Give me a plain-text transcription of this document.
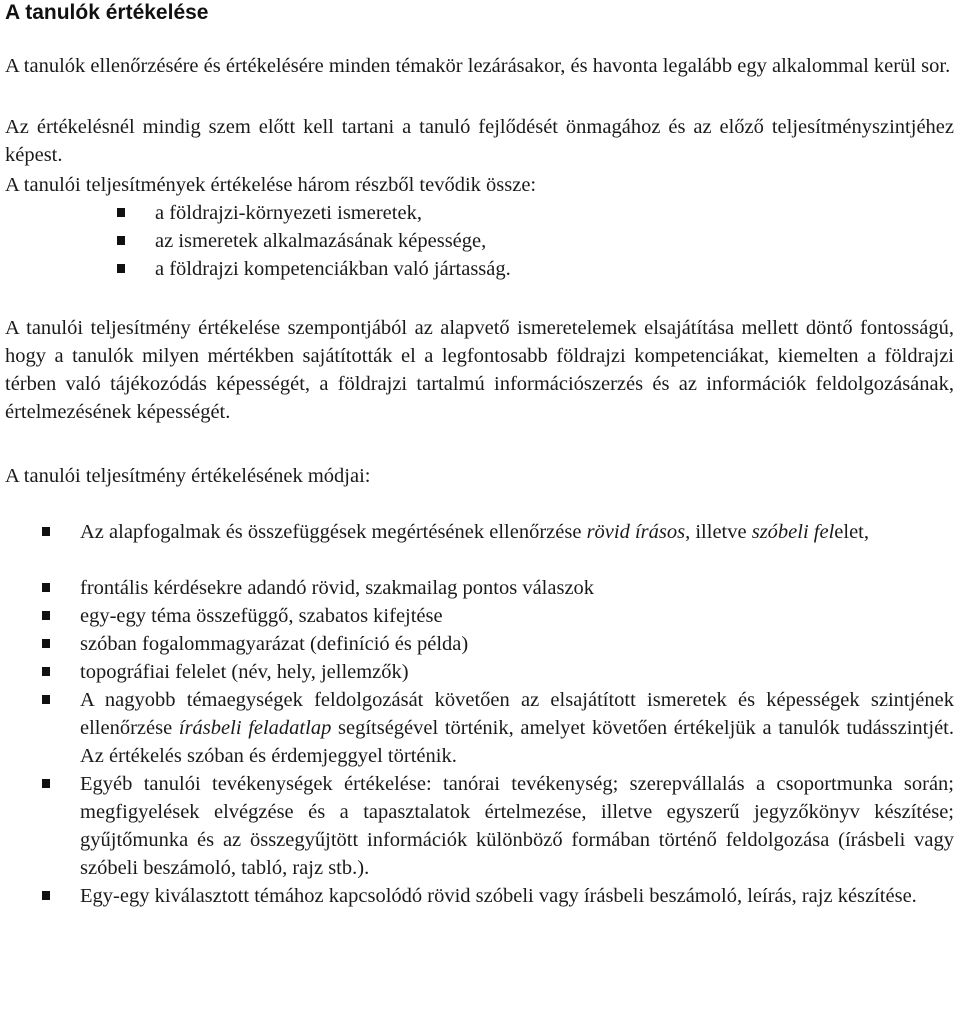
A tanulók értékelése

A tanulók ellenőrzésére és értékelésére minden témakör lezárásakor, és havonta legalább egy alkalommal kerül sor.

Az értékelésnél mindig szem előtt kell tartani a tanuló fejlődését önmagához és az előző teljesítményszintjéhez képest.

A tanulói teljesítmények értékelése három részből tevődik össze:

a földrajzi-környezeti ismeretek,
az ismeretek alkalmazásának képessége,
a földrajzi kompetenciákban való jártasság.

A tanulói teljesítmény értékelése szempontjából az alapvető ismeretelemek elsajátítása mellett döntő fontosságú, hogy a tanulók milyen mértékben sajátították el a legfontosabb földrajzi kompetenciákat, kiemelten a földrajzi térben való tájékozódás képességét, a földrajzi tartalmú információszerzés és az információk feldolgozásának, értelmezésének képességét.

A tanulói teljesítmény értékelésének módjai:

Az alapfogalmak és összefüggések megértésének ellenőrzése rövid írásos, illetve szóbeli felelet,
frontális kérdésekre adandó rövid, szakmailag pontos válaszok
egy-egy téma összefüggő, szabatos kifejtése
szóban fogalommagyarázat (definíció és példa)
topográfiai felelet (név, hely, jellemzők)
A nagyobb témaegységek feldolgozását követően az elsajátított ismeretek és képességek szintjének ellenőrzése írásbeli feladatlap segítségével történik, amelyet követően értékeljük a tanulók tudásszintjét. Az értékelés szóban és érdemjeggyel történik.
Egyéb tanulói tevékenységek értékelése: tanórai tevékenység; szerepvállalás a csoportmunka során; megfigyelések elvégzése és a tapasztalatok értelmezése, illetve egyszerű jegyzőkönyv készítése; gyűjtőmunka és az összegyűjtött információk különböző formában történő feldolgozása (írásbeli vagy szóbeli beszámoló, tabló, rajz stb.).
Egy-egy kiválasztott témához kapcsolódó rövid szóbeli vagy írásbeli beszámoló, leírás, rajz készítése.
